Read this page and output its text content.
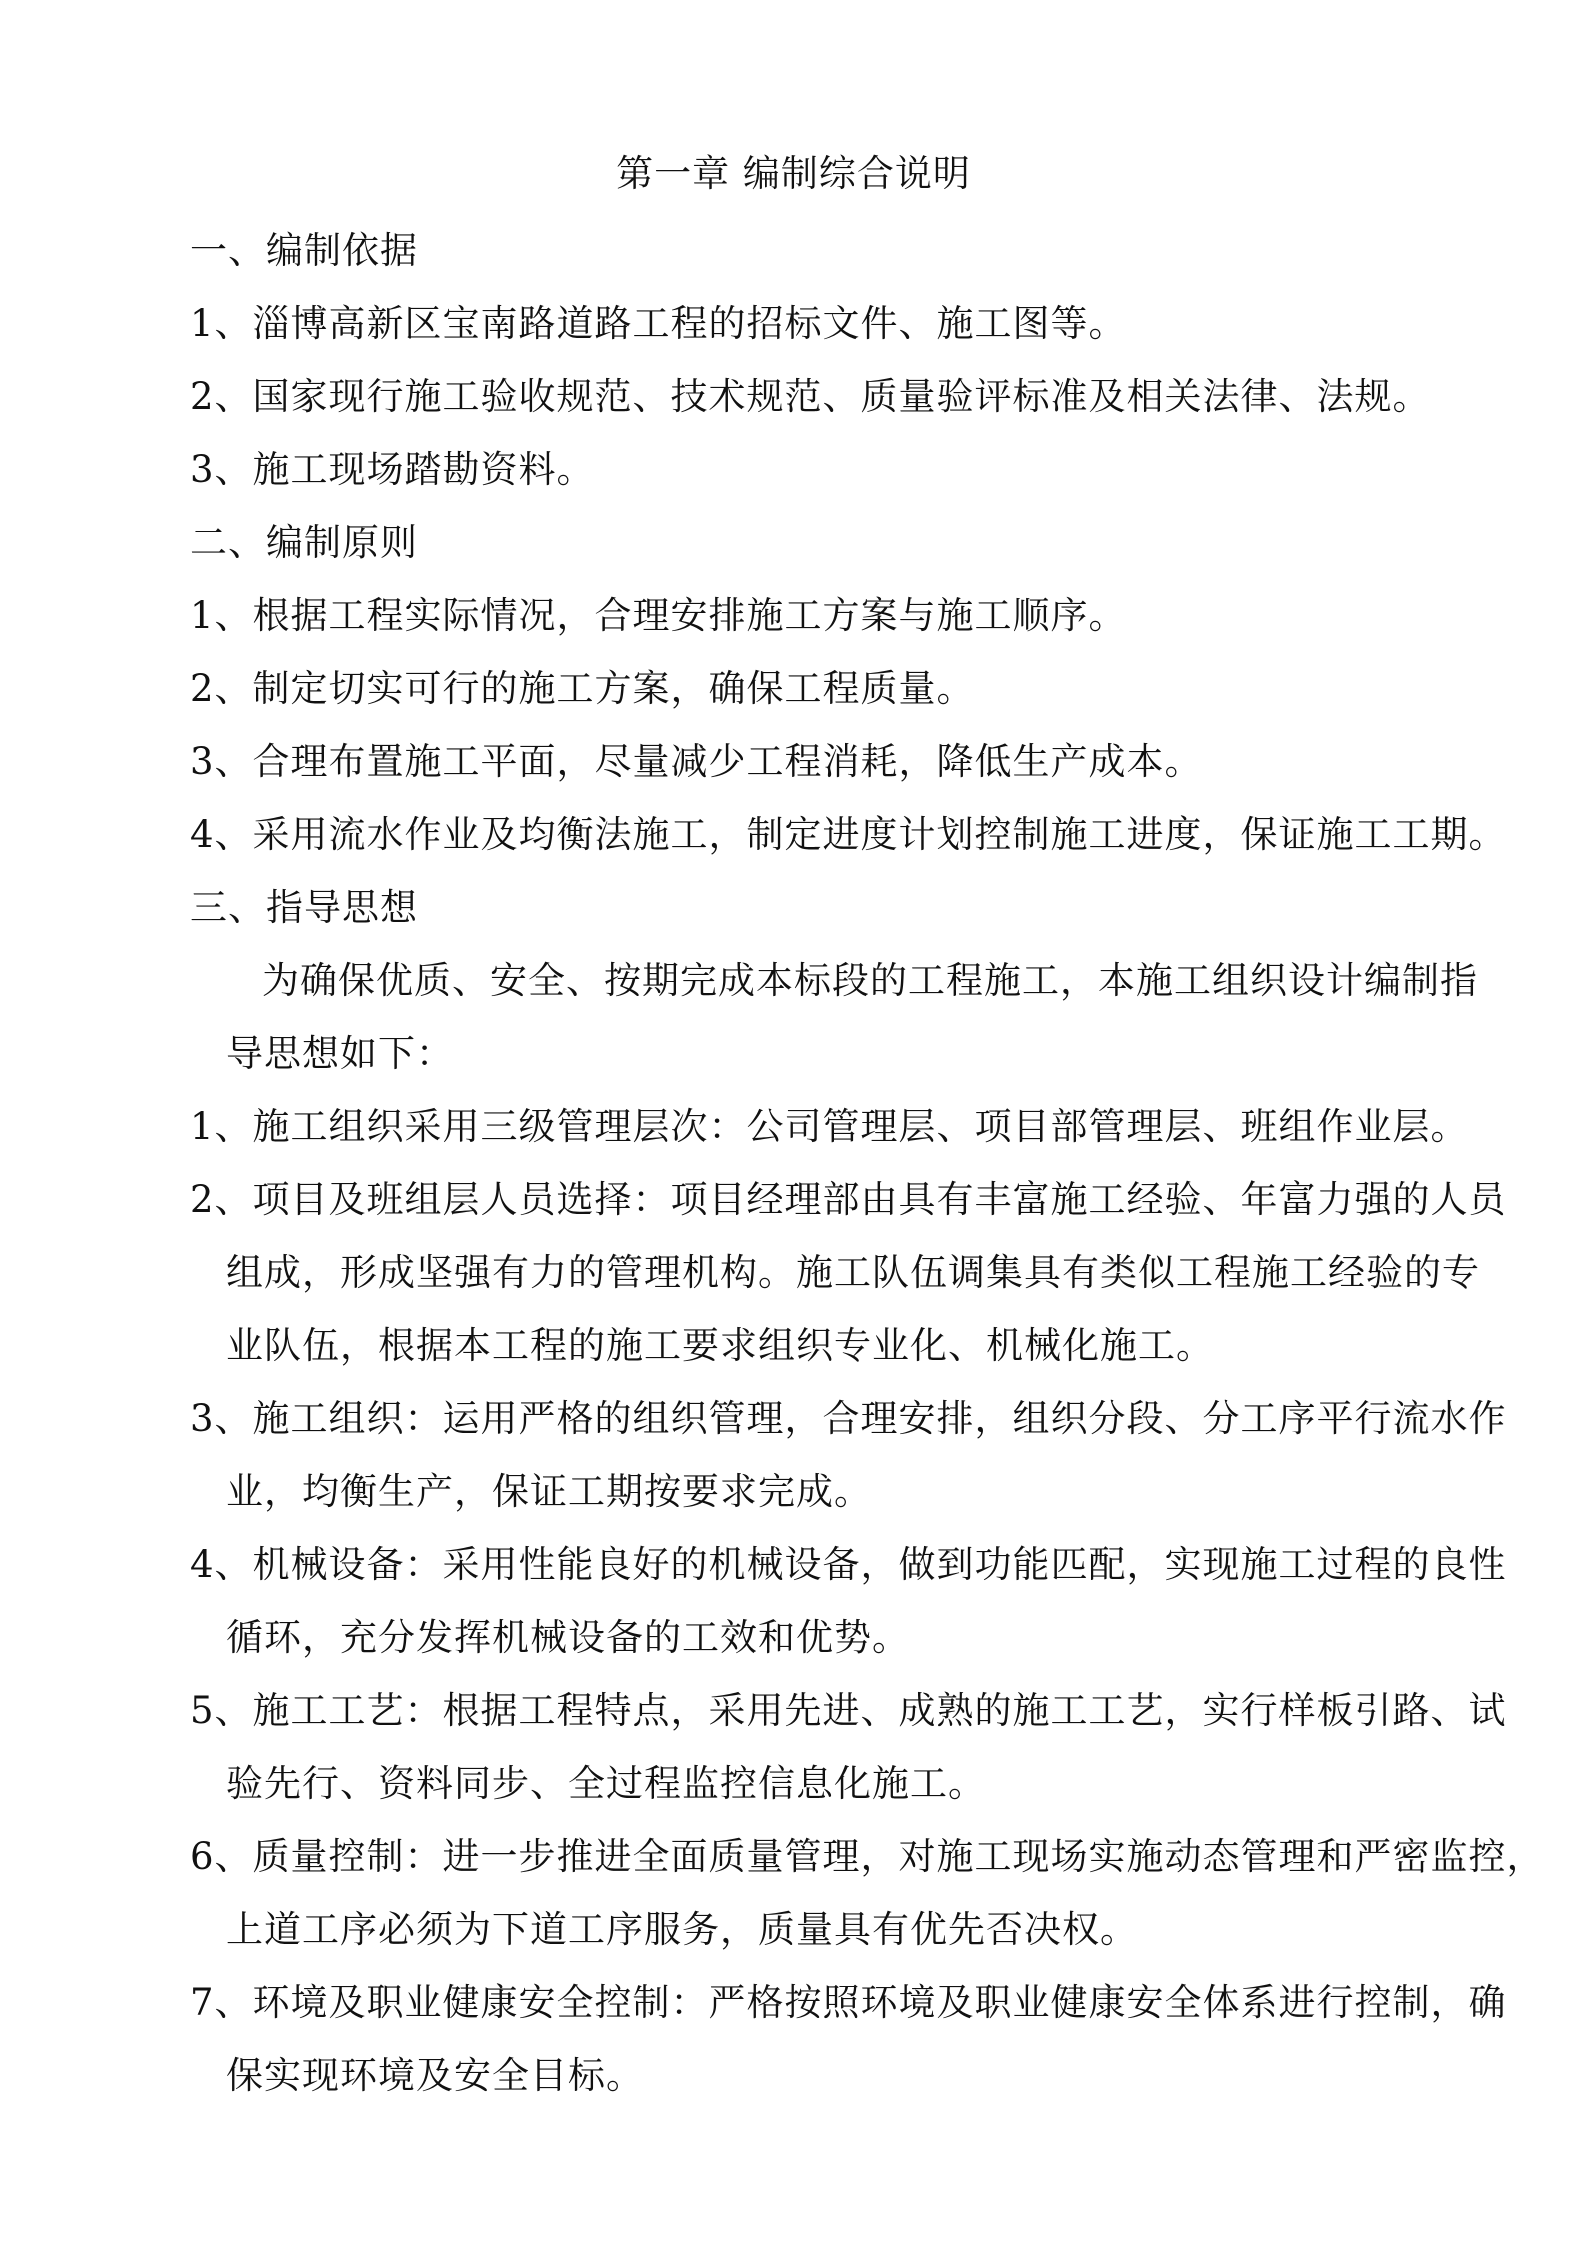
第一章 编制综合说明
一、编制依据
1、淄博高新区宝南路道路工程的招标文件、施工图等。
2、国家现行施工验收规范、技术规范、质量验评标准及相关法律、法规。
3、施工现场踏勘资料。
二、编制原则
1、根据工程实际情况，合理安排施工方案与施工顺序。
2、制定切实可行的施工方案，确保工程质量。
3、合理布置施工平面，尽量减少工程消耗，降低生产成本。
4、采用流水作业及均衡法施工，制定进度计划控制施工进度，保证施工工期。
三、指导思想
为确保优质、安全、按期完成本标段的工程施工，本施工组织设计编制指
导思想如下：
1、施工组织采用三级管理层次：公司管理层、项目部管理层、班组作业层。
2、项目及班组层人员选择：项目经理部由具有丰富施工经验、年富力强的人员
组成，形成坚强有力的管理机构。施工队伍调集具有类似工程施工经验的专
业队伍，根据本工程的施工要求组织专业化、机械化施工。
3、施工组织：运用严格的组织管理，合理安排，组织分段、分工序平行流水作
业，均衡生产，保证工期按要求完成。
4、机械设备：采用性能良好的机械设备，做到功能匹配，实现施工过程的良性
循环，充分发挥机械设备的工效和优势。
5、施工工艺：根据工程特点，采用先进、成熟的施工工艺，实行样板引路、试
验先行、资料同步、全过程监控信息化施工。
6、质量控制：进一步推进全面质量管理，对施工现场实施动态管理和严密监控，
上道工序必须为下道工序服务，质量具有优先否决权。
7、环境及职业健康安全控制：严格按照环境及职业健康安全体系进行控制，确
保实现环境及安全目标。
